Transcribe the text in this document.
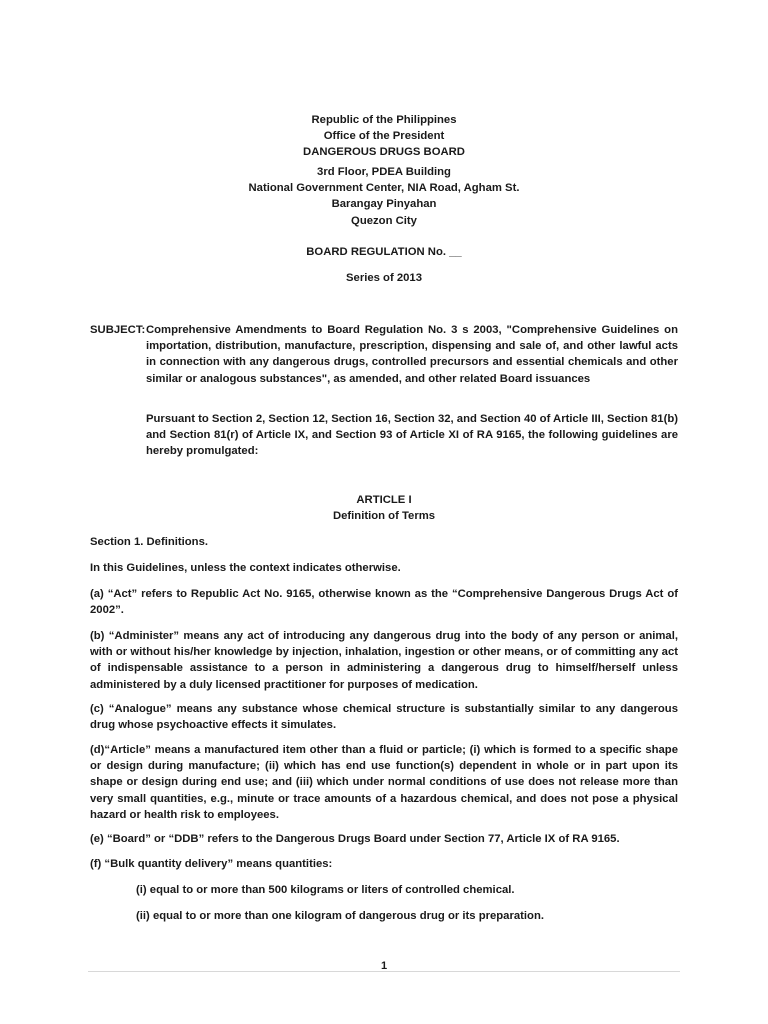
Republic of the Philippines
Office of the President
DANGEROUS DRUGS BOARD
3rd Floor, PDEA Building
National Government Center, NIA Road, Agham St.
Barangay Pinyahan
Quezon City
BOARD REGULATION No. __
Series of 2013
SUBJECT: Comprehensive Amendments to Board Regulation No. 3 s 2003, "Comprehensive Guidelines on importation, distribution, manufacture, prescription, dispensing and sale of, and other lawful acts in connection with any dangerous drugs, controlled precursors and essential chemicals and other similar or analogous substances", as amended, and other related Board issuances
Pursuant to Section 2, Section 12, Section 16, Section 32, and Section 40 of Article III, Section 81(b) and Section 81(r) of Article IX, and Section 93 of Article XI of RA 9165, the following guidelines are hereby promulgated:
ARTICLE I
Definition of Terms
Section 1. Definitions.
In this Guidelines, unless the context indicates otherwise.
(a) “Act” refers to Republic Act No. 9165, otherwise known as the “Comprehensive Dangerous Drugs Act of 2002”.
(b) “Administer” means any act of introducing any dangerous drug into the body of any person or animal, with or without his/her knowledge by injection, inhalation, ingestion or other means, or of committing any act of indispensable assistance to a person in administering a dangerous drug to himself/herself unless administered by a duly licensed practitioner for purposes of medication.
(c) “Analogue” means any substance whose chemical structure is substantially similar to any dangerous drug whose psychoactive effects it simulates.
(d)“Article” means a manufactured item other than a fluid or particle; (i) which is formed to a specific shape or design during manufacture; (ii) which has end use function(s) dependent in whole or in part upon its shape or design during end use; and (iii) which under normal conditions of use does not release more than very small quantities, e.g., minute or trace amounts of a hazardous chemical, and does not pose a physical hazard or health risk to employees.
(e) “Board” or “DDB” refers to the Dangerous Drugs Board under Section 77, Article IX of RA 9165.
(f) “Bulk quantity delivery” means quantities:
(i) equal to or more than 500 kilograms or liters of controlled chemical.
(ii) equal to or more than one kilogram of dangerous drug or its preparation.
1
